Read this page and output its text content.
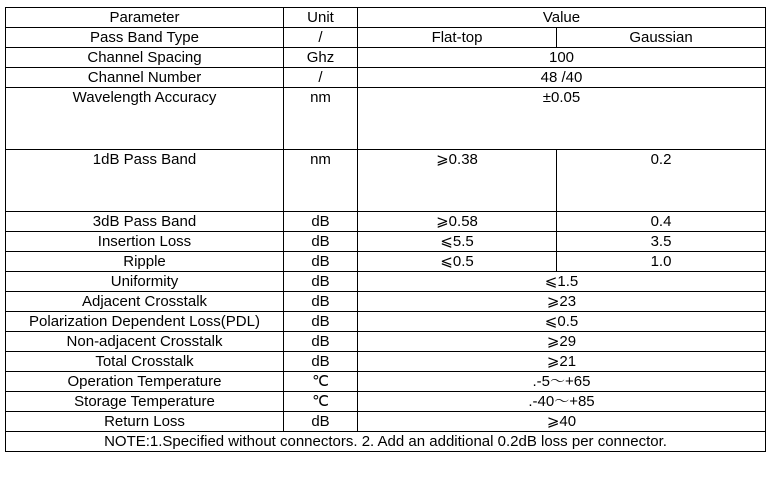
Parameter	Unit	Value	
Pass Band Type	/	Flat-top	Gaussian
Channel Spacing	Ghz	100	
Channel Number	/	48 /40	
Wavelength Accuracy	nm	±0.05	
1dB Pass Band	nm	⩾0.38	0.2
3dB Pass Band	dB	⩾0.58	0.4
Insertion Loss	dB	⩽5.5	3.5
Ripple	dB	⩽0.5	1.0
Uniformity	dB	⩽1.5	
Adjacent Crosstalk	dB	⩾23	
Polarization Dependent Loss(PDL)	dB	⩽0.5	
Non-adjacent Crosstalk	dB	⩾29	
Total Crosstalk	dB	⩾21	
Operation Temperature	℃	.-5～+65	
Storage Temperature	℃	.-40～+85	
Return Loss	dB	⩾40	
NOTE:1.Specified without connectors. 2. Add an additional 0.2dB loss per connector.			
